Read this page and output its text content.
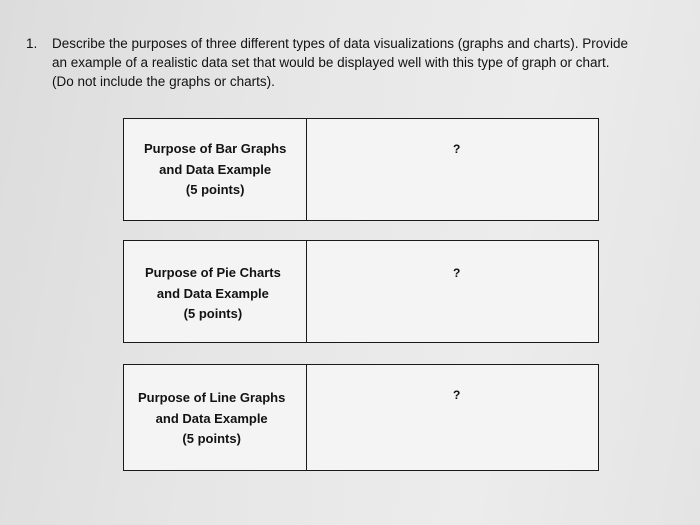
1. Describe the purposes of three different types of data visualizations (graphs and charts). Provide
an example of a realistic data set that would be displayed well with this type of graph or chart.
(Do not include the graphs or charts).
Purpose of Bar Graphs
and Data Example
(5 points)
?
Purpose of Pie Charts
and Data Example
(5 points)
?
Purpose of Line Graphs
and Data Example
(5 points)
?
